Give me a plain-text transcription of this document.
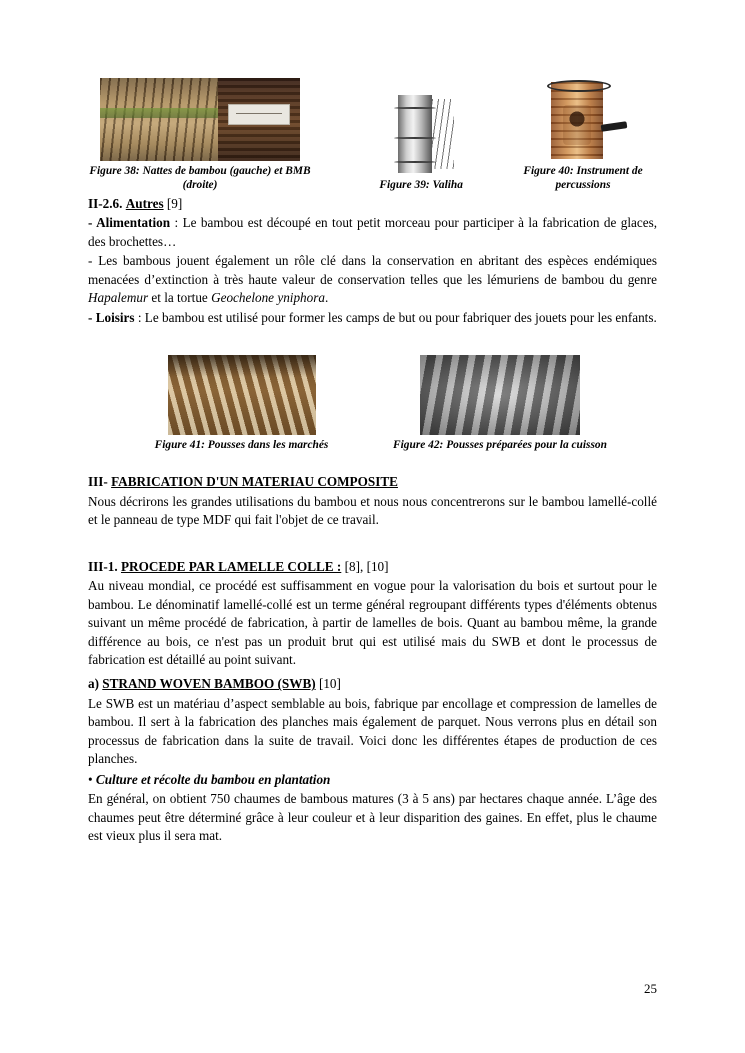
Figure 38: Nattes de bambou (gauche) et BMB (droite)	Figure 39: Valiha
Figure 40: Instrument de percussions
II-2.6. Autres [9]

- Alimentation : Le bambou est découpé en tout petit morceau pour participer à la fabrication de glaces, des brochettes…

- Les bambous jouent également un rôle clé dans la conservation en abritant des espèces endémiques menacées d’extinction à très haute valeur de conservation telles que les lémuriens de bambou du genre Hapalemur et la tortue Geochelone yniphora.

- Loisirs : Le bambou est utilisé pour former les camps de but ou pour fabriquer des jouets pour les enfants.

Figure 41: Pousses dans les marchés	Figure 42: Pousses préparées pour la cuisson
III- FABRICATION D'UN MATERIAU COMPOSITE

Nous décrirons les grandes utilisations du bambou et nous nous concentrerons sur le bambou lamellé-collé et le panneau de type MDF qui fait l'objet de ce travail.

III-1. PROCEDE PAR LAMELLE COLLE : [8], [10]

Au niveau mondial, ce procédé est suffisamment en vogue pour la valorisation du bois et surtout pour le bambou. Le dénominatif lamellé-collé est un terme général regroupant différents types d'éléments obtenus suivant un même procédé de fabrication, à partir de lamelles de bois. Quant au bambou même, la grande différence au bois, ce n'est pas un produit brut qui est utilisé mais du SWB et dont le processus de fabrication est détaillé au point suivant.

a) STRAND WOVEN BAMBOO (SWB) [10]

Le SWB est un matériau d’aspect semblable au bois, fabrique par encollage et compression de lamelles de bambou. Il sert à la fabrication des planches mais également de parquet. Nous verrons plus en détail son processus de fabrication dans la suite de travail. Voici donc les différentes étapes de production de ces planches.

• Culture et récolte du bambou en plantation

En général, on obtient 750 chaumes de bambous matures (3 à 5 ans) par hectares chaque année. L’âge des chaumes peut être déterminé grâce à leur couleur et à leur disparition des gaines. En effet, plus le chaume est vieux plus il sera mat.

25
